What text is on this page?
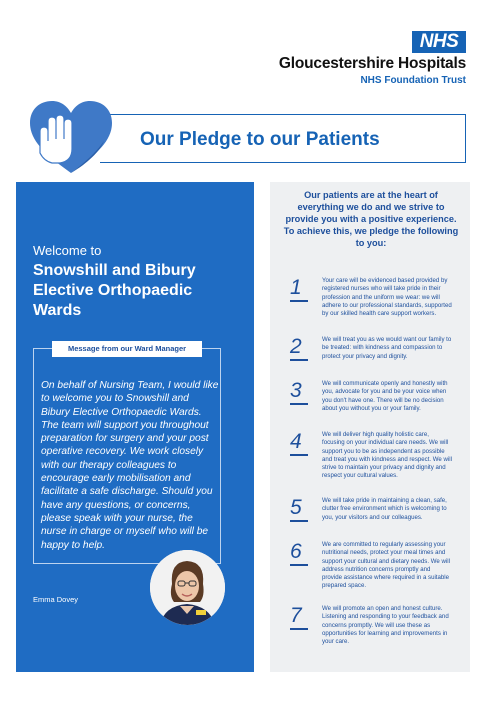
NHS
Gloucestershire Hospitals
NHS Foundation Trust
Our Pledge to our Patients
Welcome to
Snowshill and Bibury Elective Orthopaedic Wards
Message from our Ward Manager
On behalf of Nursing Team, I would like to welcome you to Snowshill and Bibury Elective Orthopaedic Wards. The team will support you throughout preparation for surgery and your post operative recovery. We work closely with our therapy colleagues to encourage early mobilisation and facilitate a safe discharge. Should you have any questions, or concerns, please speak with your nurse, the nurse in charge or myself who will be happy to help.
Emma Dovey
Our patients are at the heart of everything we do and we strive to provide you with a positive experience. To achieve this, we pledge the following to you:
1	Your care will be evidenced based provided by registered nurses who will take pride in their profession and the uniform we wear: we will adhere to our professional standards, supported by our skilled health care support workers.
2	We will treat you as we would want our family to be treated: with kindness and compassion to protect your privacy and dignity.
3	We will communicate openly and honestly with you, advocate for you and be your voice when you don't have one. There will be no decision about you without you or your family.
4	We will deliver high quality holistic care, focusing on your individual care needs. We will support you to be as independent as possible and treat you with kindness and respect. We will strive to maintain your privacy and dignity and respect your cultural values.
5	We will take pride in maintaining a clean, safe, clutter free environment which is welcoming to you, your visitors and our colleagues.
6	We are committed to regularly assessing your nutritional needs, protect your meal times and support your cultural and dietary needs. We will address nutrition concerns promptly and provide assistance where required in a suitable prepared space.
7	We will promote an open and honest culture. Listening and responding to your feedback and concerns promptly. We will use these as opportunities for learning and improvements in your care.
